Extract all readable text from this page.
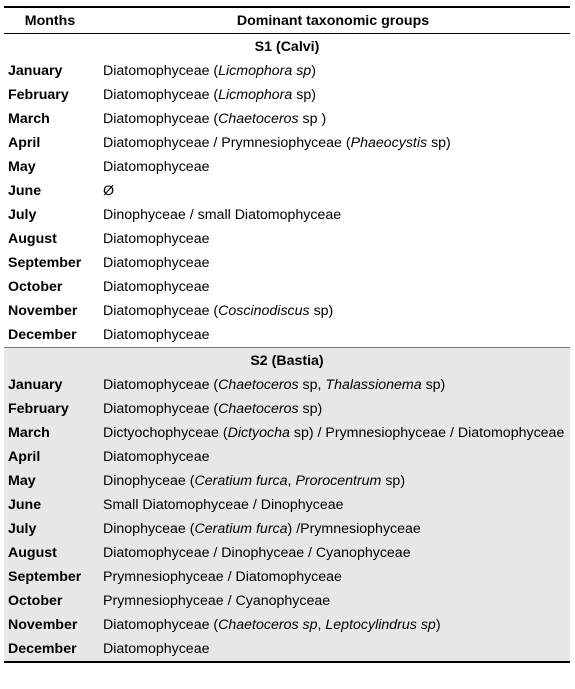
Months	Dominant taxonomic groups
S1 (Calvi)	
January	Diatomophyceae (Licmophora sp)
February	Diatomophyceae (Licmophora sp)
March	Diatomophyceae (Chaetoceros sp )
April	Diatomophyceae / Prymnesiophyceae (Phaeocystis sp)
May	Diatomophyceae
June	Ø
July	Dinophyceae / small Diatomophyceae
August	Diatomophyceae
September	Diatomophyceae
October	Diatomophyceae
November	Diatomophyceae (Coscinodiscus sp)
December	Diatomophyceae
S2 (Bastia)	
January	Diatomophyceae (Chaetoceros sp, Thalassionema sp)
February	Diatomophyceae (Chaetoceros sp)
March	Dictyochophyceae (Dictyocha sp) / Prymnesiophyceae / Diatomophyceae
April	Diatomophyceae
May	Dinophyceae (Ceratium furca, Prorocentrum sp)
June	Small Diatomophyceae / Dinophyceae
July	Dinophyceae (Ceratium furca) /Prymnesiophyceae
August	Diatomophyceae / Dinophyceae / Cyanophyceae
September	Prymnesiophyceae / Diatomophyceae
October	Prymnesiophyceae / Cyanophyceae
November	Diatomophyceae (Chaetoceros sp, Leptocylindrus sp)
December	Diatomophyceae
